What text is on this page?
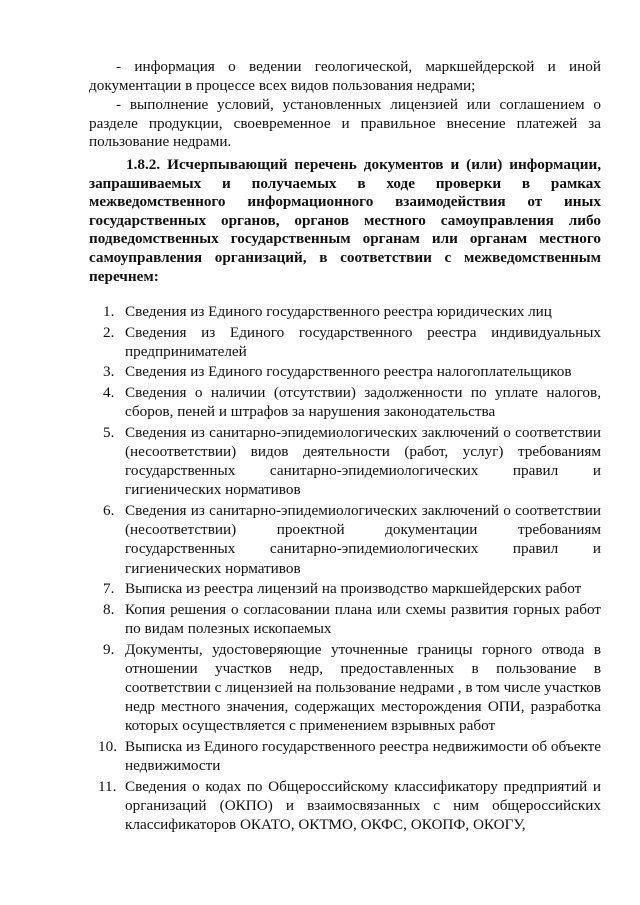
- информация о ведении геологической, маркшейдерской и иной документации в процессе всех видов пользования недрами;

- выполнение условий, установленных лицензией или соглашением о разделе продукции, своевременное и правильное внесение платежей за пользование недрами.

1.8.2. Исчерпывающий перечень документов и (или) информации, запрашиваемых и получаемых в ходе проверки в рамках межведомственного информационного взаимодействия от иных государственных органов, органов местного самоуправления либо подведомственных государственным органам или органам местного самоуправления организаций, в соответствии с межведомственным перечнем:

1. Сведения из Единого государственного реестра юридических лиц
2. Сведения из Единого государственного реестра индивидуальных предпринимателей
3. Сведения из Единого государственного реестра налогоплательщиков
4. Сведения о наличии (отсутствии) задолженности по уплате налогов, сборов, пеней и штрафов за нарушения законодательства
5. Сведения из санитарно-эпидемиологических заключений о соответствии (несоответствии) видов деятельности (работ, услуг) требованиям государственных санитарно-эпидемиологических правил и гигиенических нормативов
6. Сведения из санитарно-эпидемиологических заключений о соответствии (несоответствии) проектной документации требованиям государственных санитарно-эпидемиологических правил и гигиенических нормативов
7. Выписка из реестра лицензий на производство маркшейдерских работ
8. Копия решения о согласовании плана или схемы развития горных работ по видам полезных ископаемых
9. Документы, удостоверяющие уточненные границы горного отвода в отношении участков недр, предоставленных в пользование в соответствии с лицензией на пользование недрами , в том числе участков недр местного значения, содержащих месторождения ОПИ, разработка которых осуществляется с применением взрывных работ
10. Выписка из Единого государственного реестра недвижимости об объекте недвижимости
11. Сведения о кодах по Общероссийскому классификатору предприятий и организаций (ОКПО) и взаимосвязанных с ним общероссийских классификаторов ОКАТО, ОКТМО, ОКФС, ОКОПФ, ОКОГУ,
